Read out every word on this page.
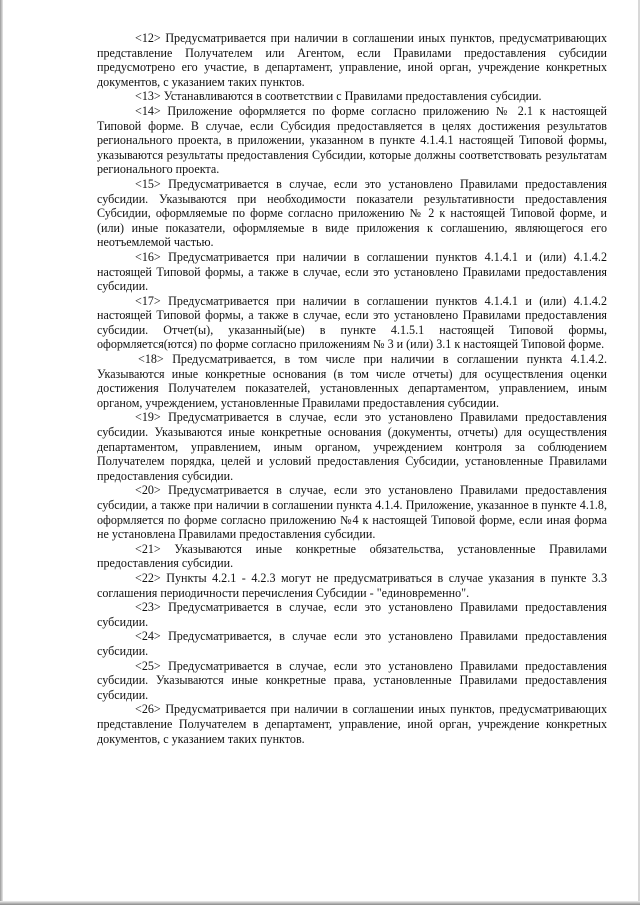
<12> Предусматривается при наличии в соглашении иных пунктов, предусматривающих представление Получателем или Агентом, если Правилами предоставления субсидии предусмотрено его участие, в департамент, управление, иной орган, учреждение конкретных документов, с указанием таких пунктов.

<13> Устанавливаются в соответствии с Правилами предоставления субсидии.

<14> Приложение оформляется по форме согласно приложению № 2.1 к настоящей Типовой форме. В случае, если Субсидия предоставляется в целях достижения результатов регионального проекта, в приложении, указанном в пункте 4.1.4.1 настоящей Типовой формы, указываются результаты предоставления Субсидии, которые должны соответствовать результатам регионального проекта.

<15> Предусматривается в случае, если это установлено Правилами предоставления субсидии. Указываются при необходимости показатели результативности предоставления Субсидии, оформляемые по форме согласно приложению № 2 к настоящей Типовой форме, и (или) иные показатели, оформляемые в виде приложения к соглашению, являющегося его неотъемлемой частью.

<16> Предусматривается при наличии в соглашении пунктов 4.1.4.1 и (или) 4.1.4.2 настоящей Типовой формы, а также в случае, если это установлено Правилами предоставления субсидии.

<17> Предусматривается при наличии в соглашении пунктов 4.1.4.1 и (или) 4.1.4.2 настоящей Типовой формы, а также в случае, если это установлено Правилами предоставления субсидии. Отчет(ы), указанный(ые) в пункте 4.1.5.1 настоящей Типовой формы, оформляется(ются) по форме согласно приложениям № 3 и (или) 3.1 к настоящей Типовой форме.

<18> Предусматривается, в том числе при наличии в соглашении пункта 4.1.4.2. Указываются иные конкретные основания (в том числе отчеты) для осуществления оценки достижения Получателем показателей, установленных департаментом, управлением, иным органом, учреждением, установленные Правилами предоставления субсидии.

<19> Предусматривается в случае, если это установлено Правилами предоставления субсидии. Указываются иные конкретные основания (документы, отчеты) для осуществления департаментом, управлением, иным органом, учреждением контроля за соблюдением Получателем порядка, целей и условий предоставления Субсидии, установленные Правилами предоставления субсидии.

<20> Предусматривается в случае, если это установлено Правилами предоставления субсидии, а также при наличии в соглашении пункта 4.1.4. Приложение, указанное в пункте 4.1.8, оформляется по форме согласно приложению №4 к настоящей Типовой форме, если иная форма не установлена Правилами предоставления субсидии.

<21> Указываются иные конкретные обязательства, установленные Правилами предоставления субсидии.

<22> Пункты 4.2.1 - 4.2.3 могут не предусматриваться в случае указания в пункте 3.3 соглашения периодичности перечисления Субсидии - "единовременно".

<23> Предусматривается в случае, если это установлено Правилами предоставления субсидии.

<24> Предусматривается, в случае если это установлено Правилами предоставления субсидии.

<25> Предусматривается в случае, если это установлено Правилами предоставления субсидии. Указываются иные конкретные права, установленные Правилами предоставления субсидии.

<26> Предусматривается при наличии в соглашении иных пунктов, предусматривающих представление Получателем в департамент, управление, иной орган, учреждение конкретных документов, с указанием таких пунктов.
